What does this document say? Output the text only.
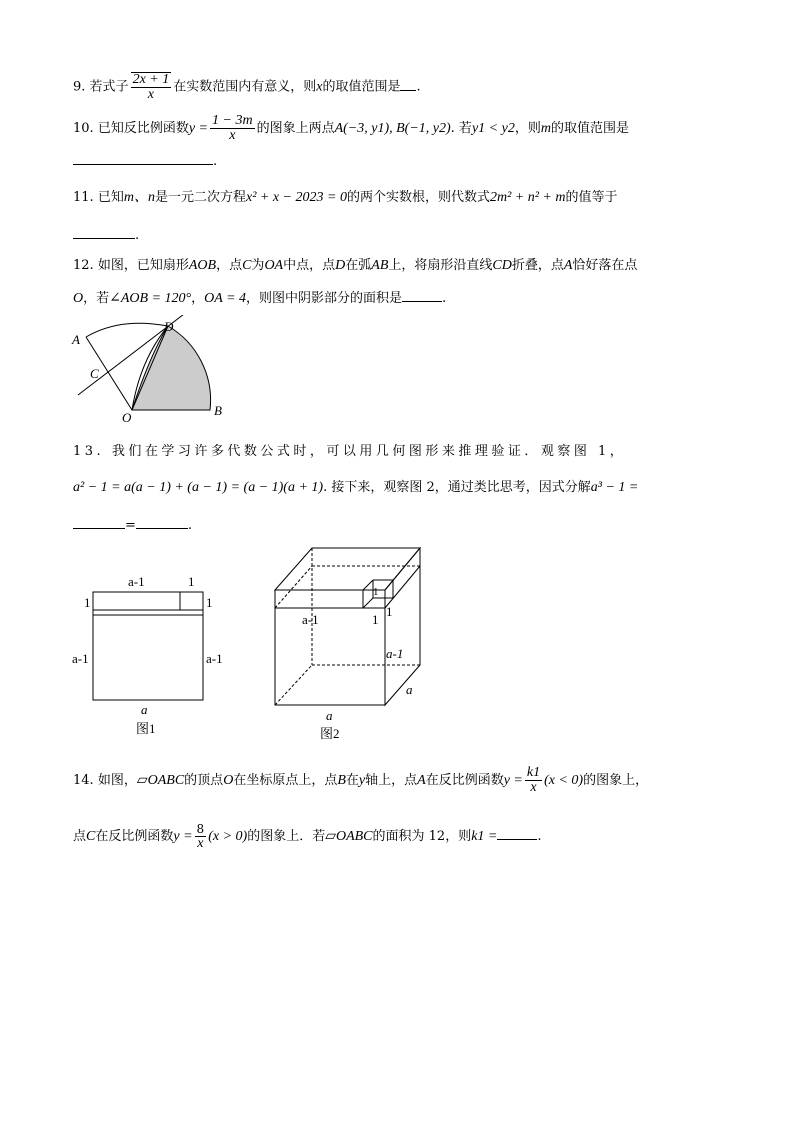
9. 若式子 $\frac{2x + 1}{x}$ 在实数范围内有意义，则x的取值范围是 .
10. 已知反比例函数$y = \frac{1 - 3m}{x}$ 的图象上两点A(−3, y1), B(−1, y2). 若y1 < y2，则m的取值范围是
.
11. 已知m、n是一元二次方程x² + x − 2023 = 0的两个实数根，则代数式2m² + n² + m的值等于
.
12. 如图，已知扇形AOB，点C为OA中点，点D在弧AB上，将扇形沿直线CD折叠，点A恰好落在点
O，若∠AOB = 120°，OA = 4，则图中阴影部分的面积是	.
A
B
C
D
O
13. 我们在学习许多代数公式时，可以用几何图形来推理验证．观察图 1，
a² − 1 = a(a − 1) + (a − 1) = (a − 1)(a + 1). 接下来，观察图 2，通过类比思考，因式分解a³ − 1 =
=	.
a-1	1
1	1
a-1	a-1
a
图1
1
a-1	1
1
a-1
a
a
图2
14. 如图，▱OABC的顶点O在坐标原点上，点B在y轴上，点A在反比例函数$y = \frac{k1}{x} (x < 0)$的图象上，
点C在反比例函数$y = \frac{8}{x} (x > 0)$的图象上．若▱OABC的面积为 12，则k1 =	.
